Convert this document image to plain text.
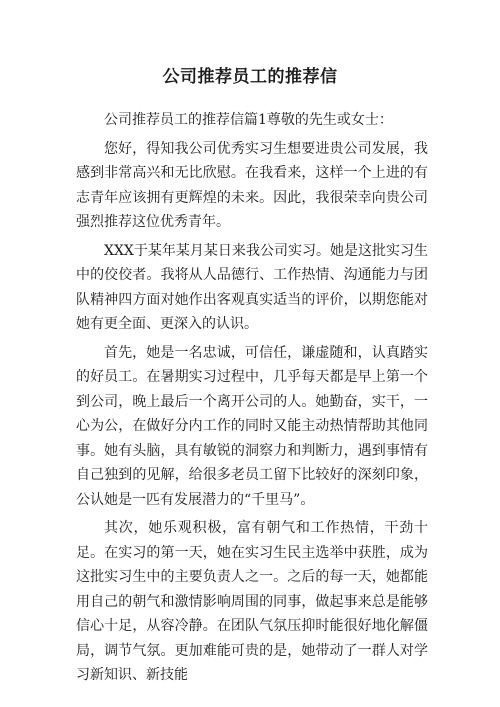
公司推荐员工的推荐信

公司推荐员工的推荐信篇1尊敬的先生或女士：

您好，得知我公司优秀实习生想要进贵公司发展，我感到非常高兴和无比欣慰。在我看来，这样一个上进的有志青年应该拥有更辉煌的未来。因此，我很荣幸向贵公司强烈推荐这位优秀青年。

XXX于某年某月某日来我公司实习。她是这批实习生中的佼佼者。我将从人品德行、工作热情、沟通能力与团队精神四方面对她作出客观真实适当的评价，以期您能对她有更全面、更深入的认识。

首先，她是一名忠诚，可信任，谦虚随和，认真踏实的好员工。在暑期实习过程中，几乎每天都是早上第一个到公司，晚上最后一个离开公司的人。她勤奋，实干，一心为公，在做好分内工作的同时又能主动热情帮助其他同事。她有头脑，具有敏锐的洞察力和判断力，遇到事情有自己独到的见解，给很多老员工留下比较好的深刻印象，公认她是一匹有发展潜力的“千里马”。

其次，她乐观积极，富有朝气和工作热情，干劲十足。在实习的第一天，她在实习生民主选举中获胜，成为这批实习生中的主要负责人之一。之后的每一天，她都能用自己的朝气和激情影响周围的同事，做起事来总是能够信心十足，从容冷静。在团队气氛压抑时能很好地化解僵局，调节气氛。更加难能可贵的是，她带动了一群人对学习新知识、新技能
